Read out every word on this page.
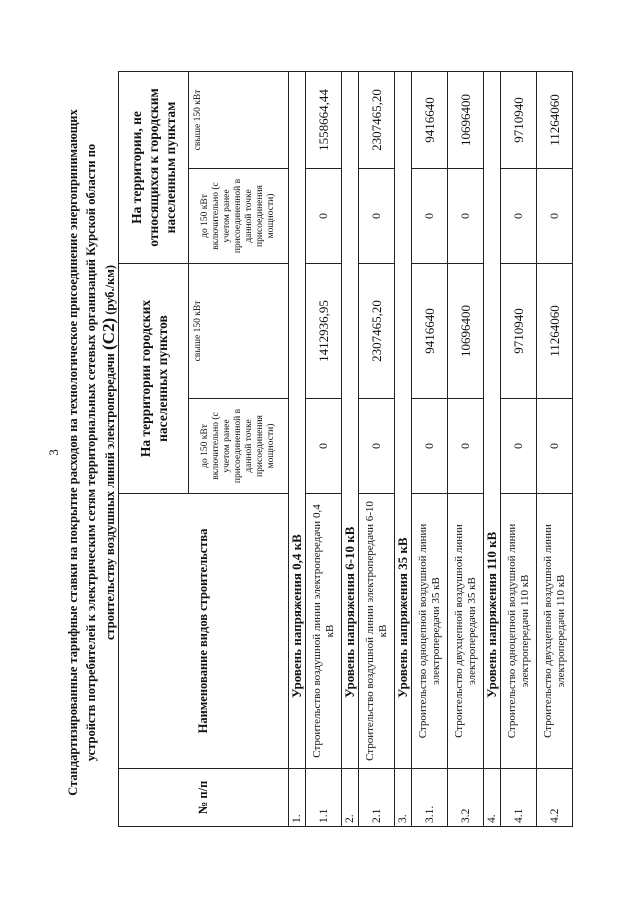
3 Стандартизированные тарифные ставки на покрытие расходов на технологическое присоединение энергопринимающих устройств потребителей к электрическим сетям территориальных сетевых организаций Курской области по строительству воздушных линий электропередачи (С2) (руб./км)
№ п/п	Наименование видов строительства	На территории городских населенных пунктов		На территории, не относящихся к городским населенным пунктам	
		до 150 кВт включительно (с учетом ранее присоединенной в данной точке присоединения мощности)	свыше 150 кВт	до 150 кВт включительно (с учетом ранее присоединенной в данной точке присоединения мощности)	свыше 150 кВт
1.	Уровень напряжения 0,4 кВ				
1.1	Строительство воздушной линии электропередачи 0,4 кВ	0	1412936,95	0	1558664,44
2.	Уровень напряжения 6-10 кВ				
2.1	Строительство воздушной линии электропередачи 6-10 кВ	0	2307465,20	0	2307465,20
3.	Уровень напряжения 35 кВ				
3.1.	Строительство одноцепной воздушной линии электропередачи 35 кВ	0	9416640	0	9416640
3.2	Строительство двухцепной воздушной линии электропередачи 35 кВ	0	10696400	0	10696400
4.	Уровень напряжения 110 кВ				
4.1	Строительство одноцепной воздушной линии электропередачи 110 кВ	0	9710940	0	9710940
4.2	Строительство двухцепной воздушной линии электропередачи 110 кВ	0	11264060	0	11264060
